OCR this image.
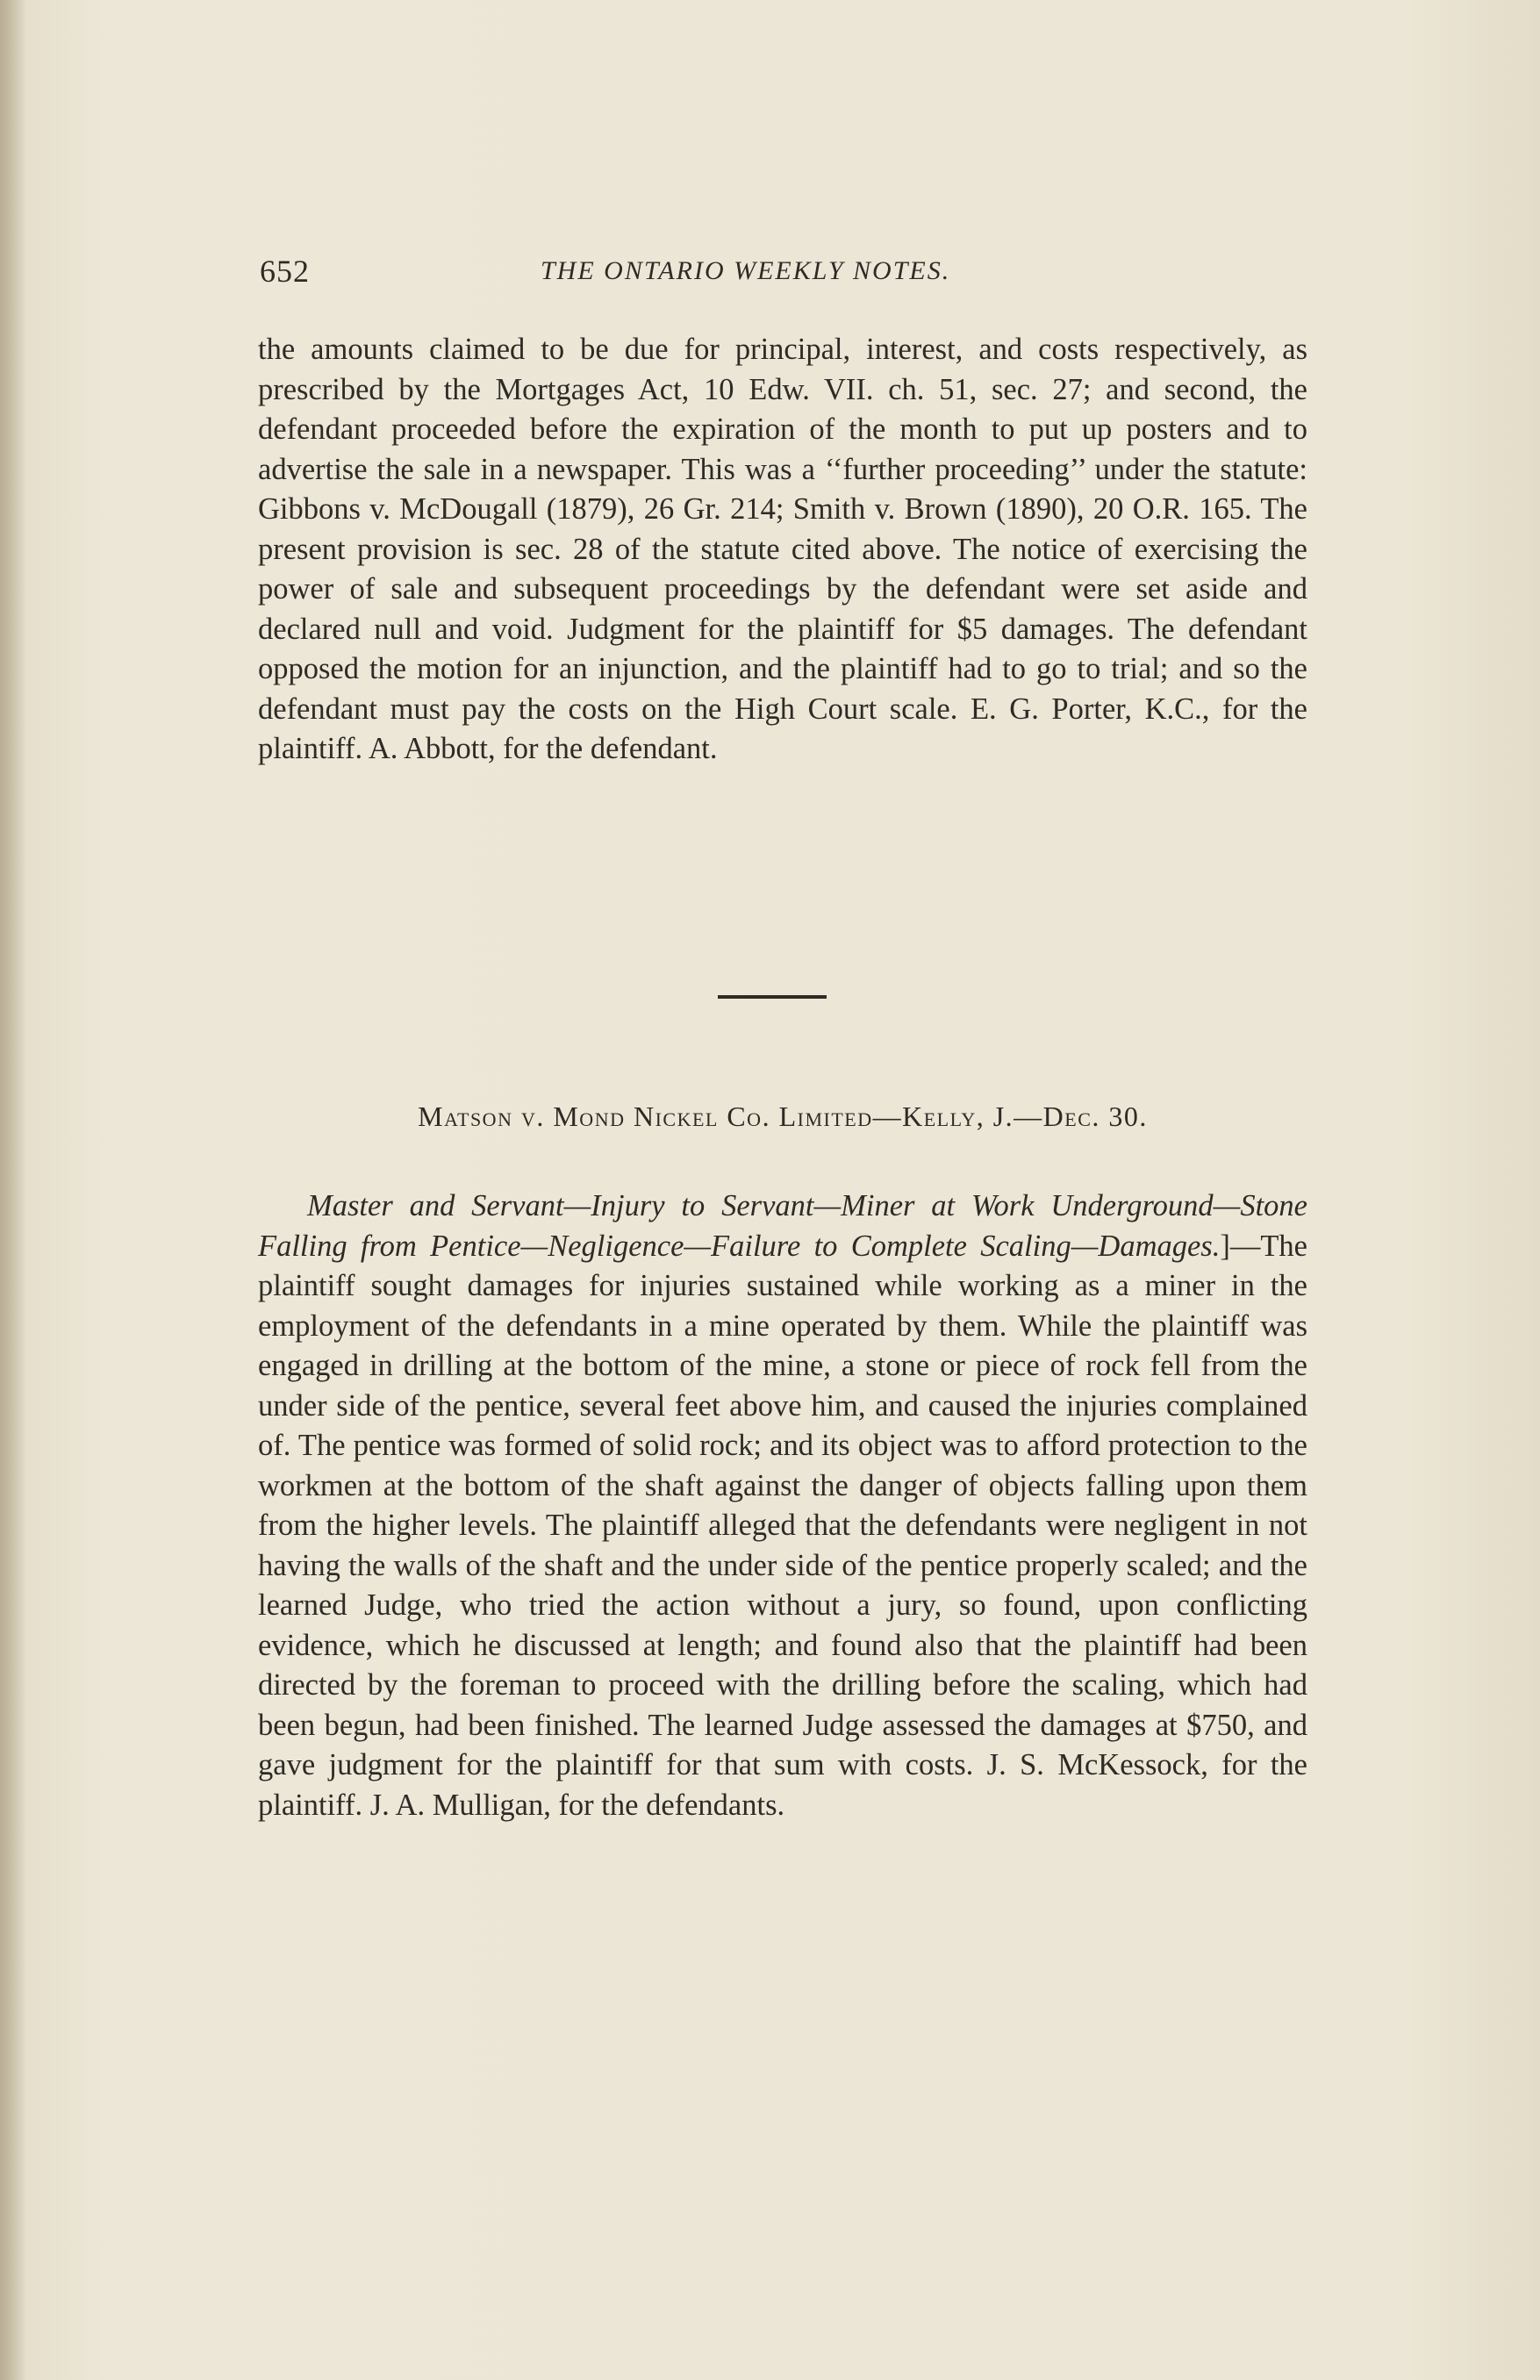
652	THE ONTARIO WEEKLY NOTES.

the amounts claimed to be due for principal, interest, and costs respectively, as prescribed by the Mortgages Act, 10 Edw. VII. ch. 51, sec. 27; and second, the defendant proceeded before the expiration of the month to put up posters and to advertise the sale in a newspaper. This was a ‘‘further proceeding’’ under the statute: Gibbons v. McDougall (1879), 26 Gr. 214; Smith v. Brown (1890), 20 O.R. 165. The present provision is sec. 28 of the statute cited above. The notice of exercising the power of sale and subsequent proceedings by the defendant were set aside and declared null and void. Judgment for the plaintiff for $5 damages. The defendant opposed the motion for an injunction, and the plaintiff had to go to trial; and so the defendant must pay the costs on the High Court scale. E. G. Porter, K.C., for the plaintiff. A. Abbott, for the defendant.

Matson v. Mond Nickel Co. Limited—Kelly, J.—Dec. 30.

Master and Servant—Injury to Servant—Miner at Work Underground—Stone Falling from Pentice—Negligence—Failure to Complete Scaling—Damages.]—The plaintiff sought damages for injuries sustained while working as a miner in the employment of the defendants in a mine operated by them. While the plaintiff was engaged in drilling at the bottom of the mine, a stone or piece of rock fell from the under side of the pentice, several feet above him, and caused the injuries complained of. The pentice was formed of solid rock; and its object was to afford protection to the workmen at the bottom of the shaft against the danger of objects falling upon them from the higher levels. The plaintiff alleged that the defendants were negligent in not having the walls of the shaft and the under side of the pentice properly scaled; and the learned Judge, who tried the action without a jury, so found, upon conflicting evidence, which he discussed at length; and found also that the plaintiff had been directed by the foreman to proceed with the drilling before the scaling, which had been begun, had been finished. The learned Judge assessed the damages at $750, and gave judgment for the plaintiff for that sum with costs. J. S. McKessock, for the plaintiff. J. A. Mulligan, for the defendants.
